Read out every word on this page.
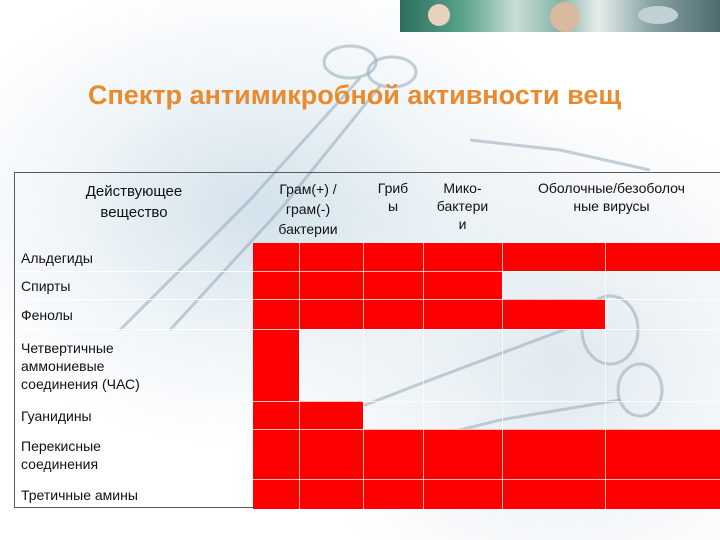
Спектр антимикробной активности вещ
Действующее
вещество
Грам(+) /
грам(-)
бактерии
Гриб
ы
Мико-
бактери
и
Оболочные/безоболоч
ные вирусы
Альдегиды
Спирты
Фенолы
Четвертичные
аммониевые
соединения (ЧАС)
Гуанидины
Перекисные
соединения
Третичные амины
